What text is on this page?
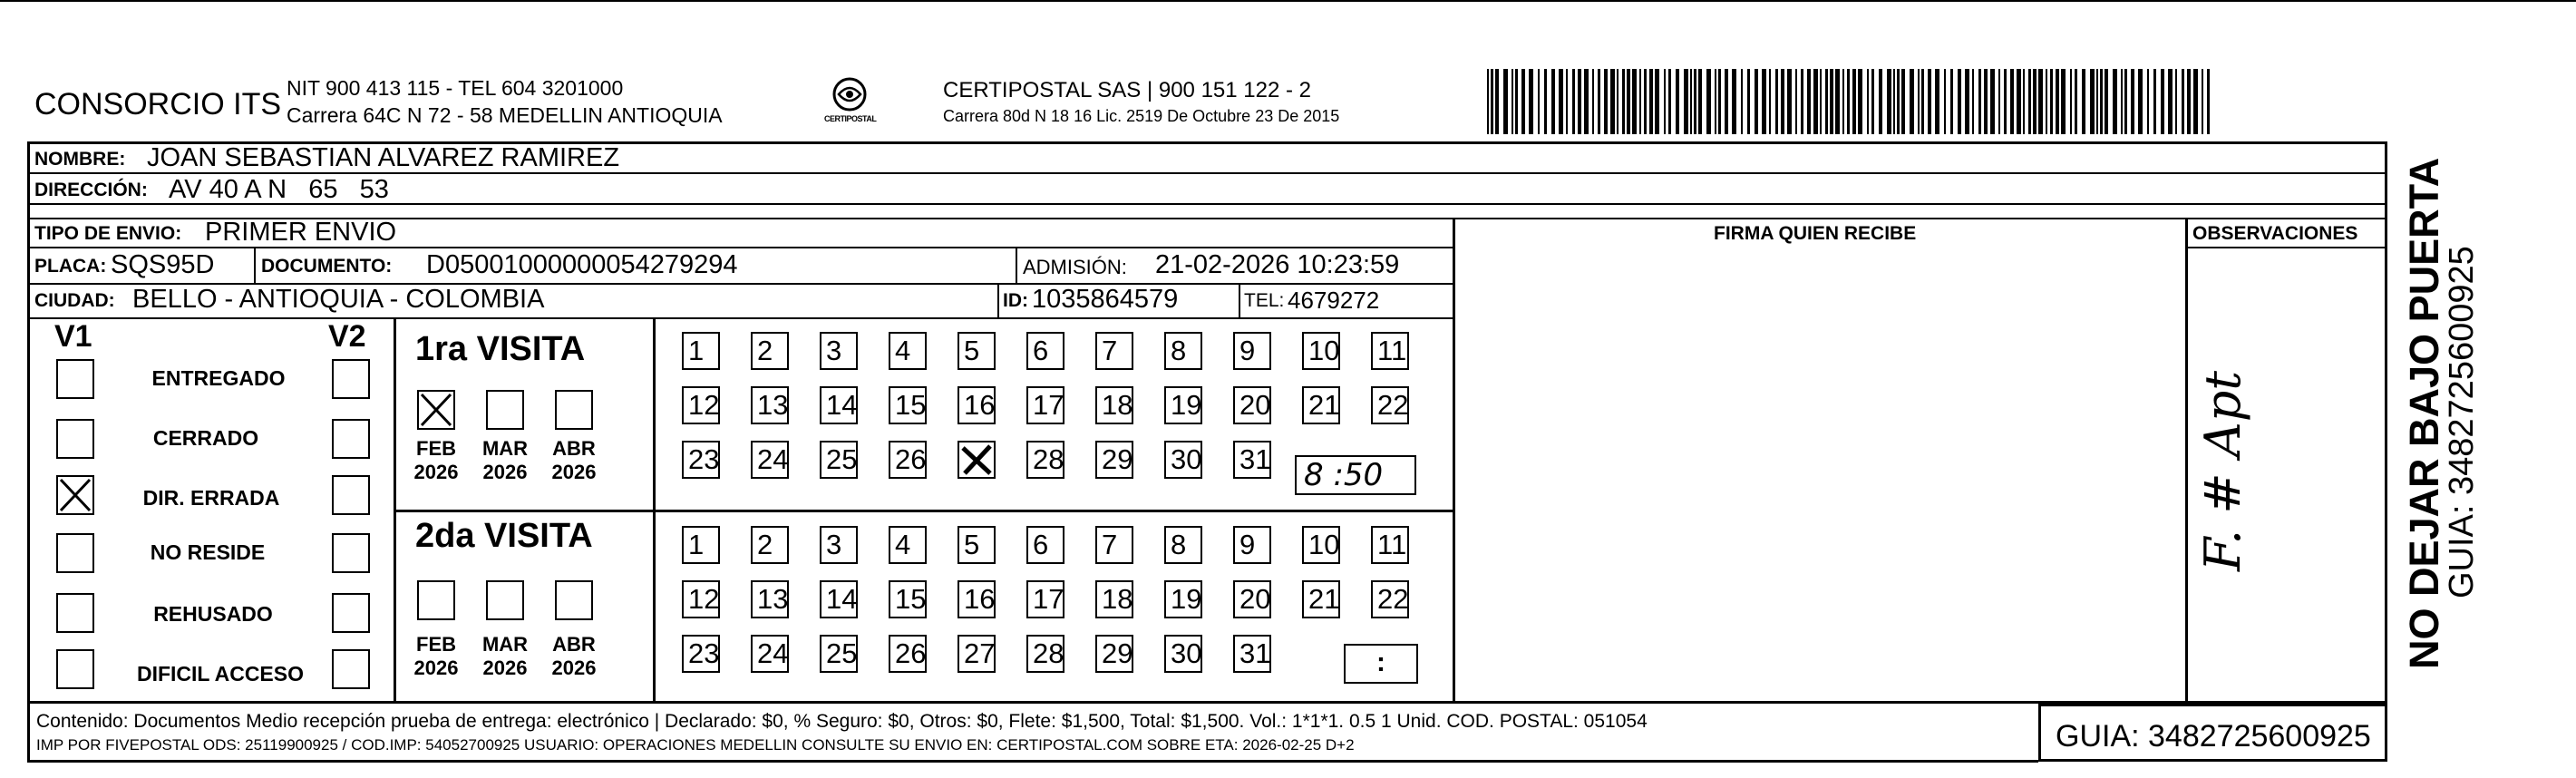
CONSORCIO ITS NIT 900 413 115 - TEL 604 3201000
Carrera 64C N 72 - 58 MEDELLIN ANTIOQUIA	CERTIPOSTAL
CERTIPOSTAL SAS | 900 151 122 - 2
Carrera 80d N 18 16 Lic. 2519 De Octubre 23 De 2015
NOMBRE: JOAN SEBASTIAN ALVAREZ RAMIREZ
DIRECCIÓN: AV 40 A N   65   53
TIPO DE ENVIO: PRIMER ENVIO	FIRMA QUIEN RECIBE	OBSERVACIONES
PLACA: SQS95D DOCUMENTO: D05001000000054279294	ADMISIÓN: 21-02-2026 10:23:59
CIUDAD: BELLO - ANTIOQUIA - COLOMBIA	ID: 1035864579	TEL: 4679272
V1	V2
ENTREGADO
CERRADO
DIR. ERRADA
NO RESIDE
REHUSADO
DIFICIL ACCESO
1ra VISITA
2da VISITA
FEB
2026
MAR
2026
ABR
2026
FEB
2026
MAR
2026
ABR
2026
1	2	3	4	5	6	7	8	9	10 11
12 13 14 15 16 17 18 19 20 21 22
23 24 25 26	28 29 30 31
1	2	3	4	5	6	7	8	9	10 11
12 13 14 15 16 17 18 19 20 21 22
23 24 25 26 27 28 29 30 31
8 :50
:
F. # Apt
Contenido: Documentos Medio recepción prueba de entrega: electrónico | Declarado: $0, % Seguro: $0, Otros: $0, Flete: $1,500, Total: $1,500. Vol.: 1*1*1. 0.5 1 Unid. COD. POSTAL: 051054
IMP POR FIVEPOSTAL ODS: 25119900925 / COD.IMP: 54052700925 USUARIO: OPERACIONES MEDELLIN CONSULTE SU ENVIO EN: CERTIPOSTAL.COM SOBRE ETA: 2026-02-25 D+2	GUIA: 3482725600925
NO DEJAR BAJO PUERTA
GUIA: 3482725600925
